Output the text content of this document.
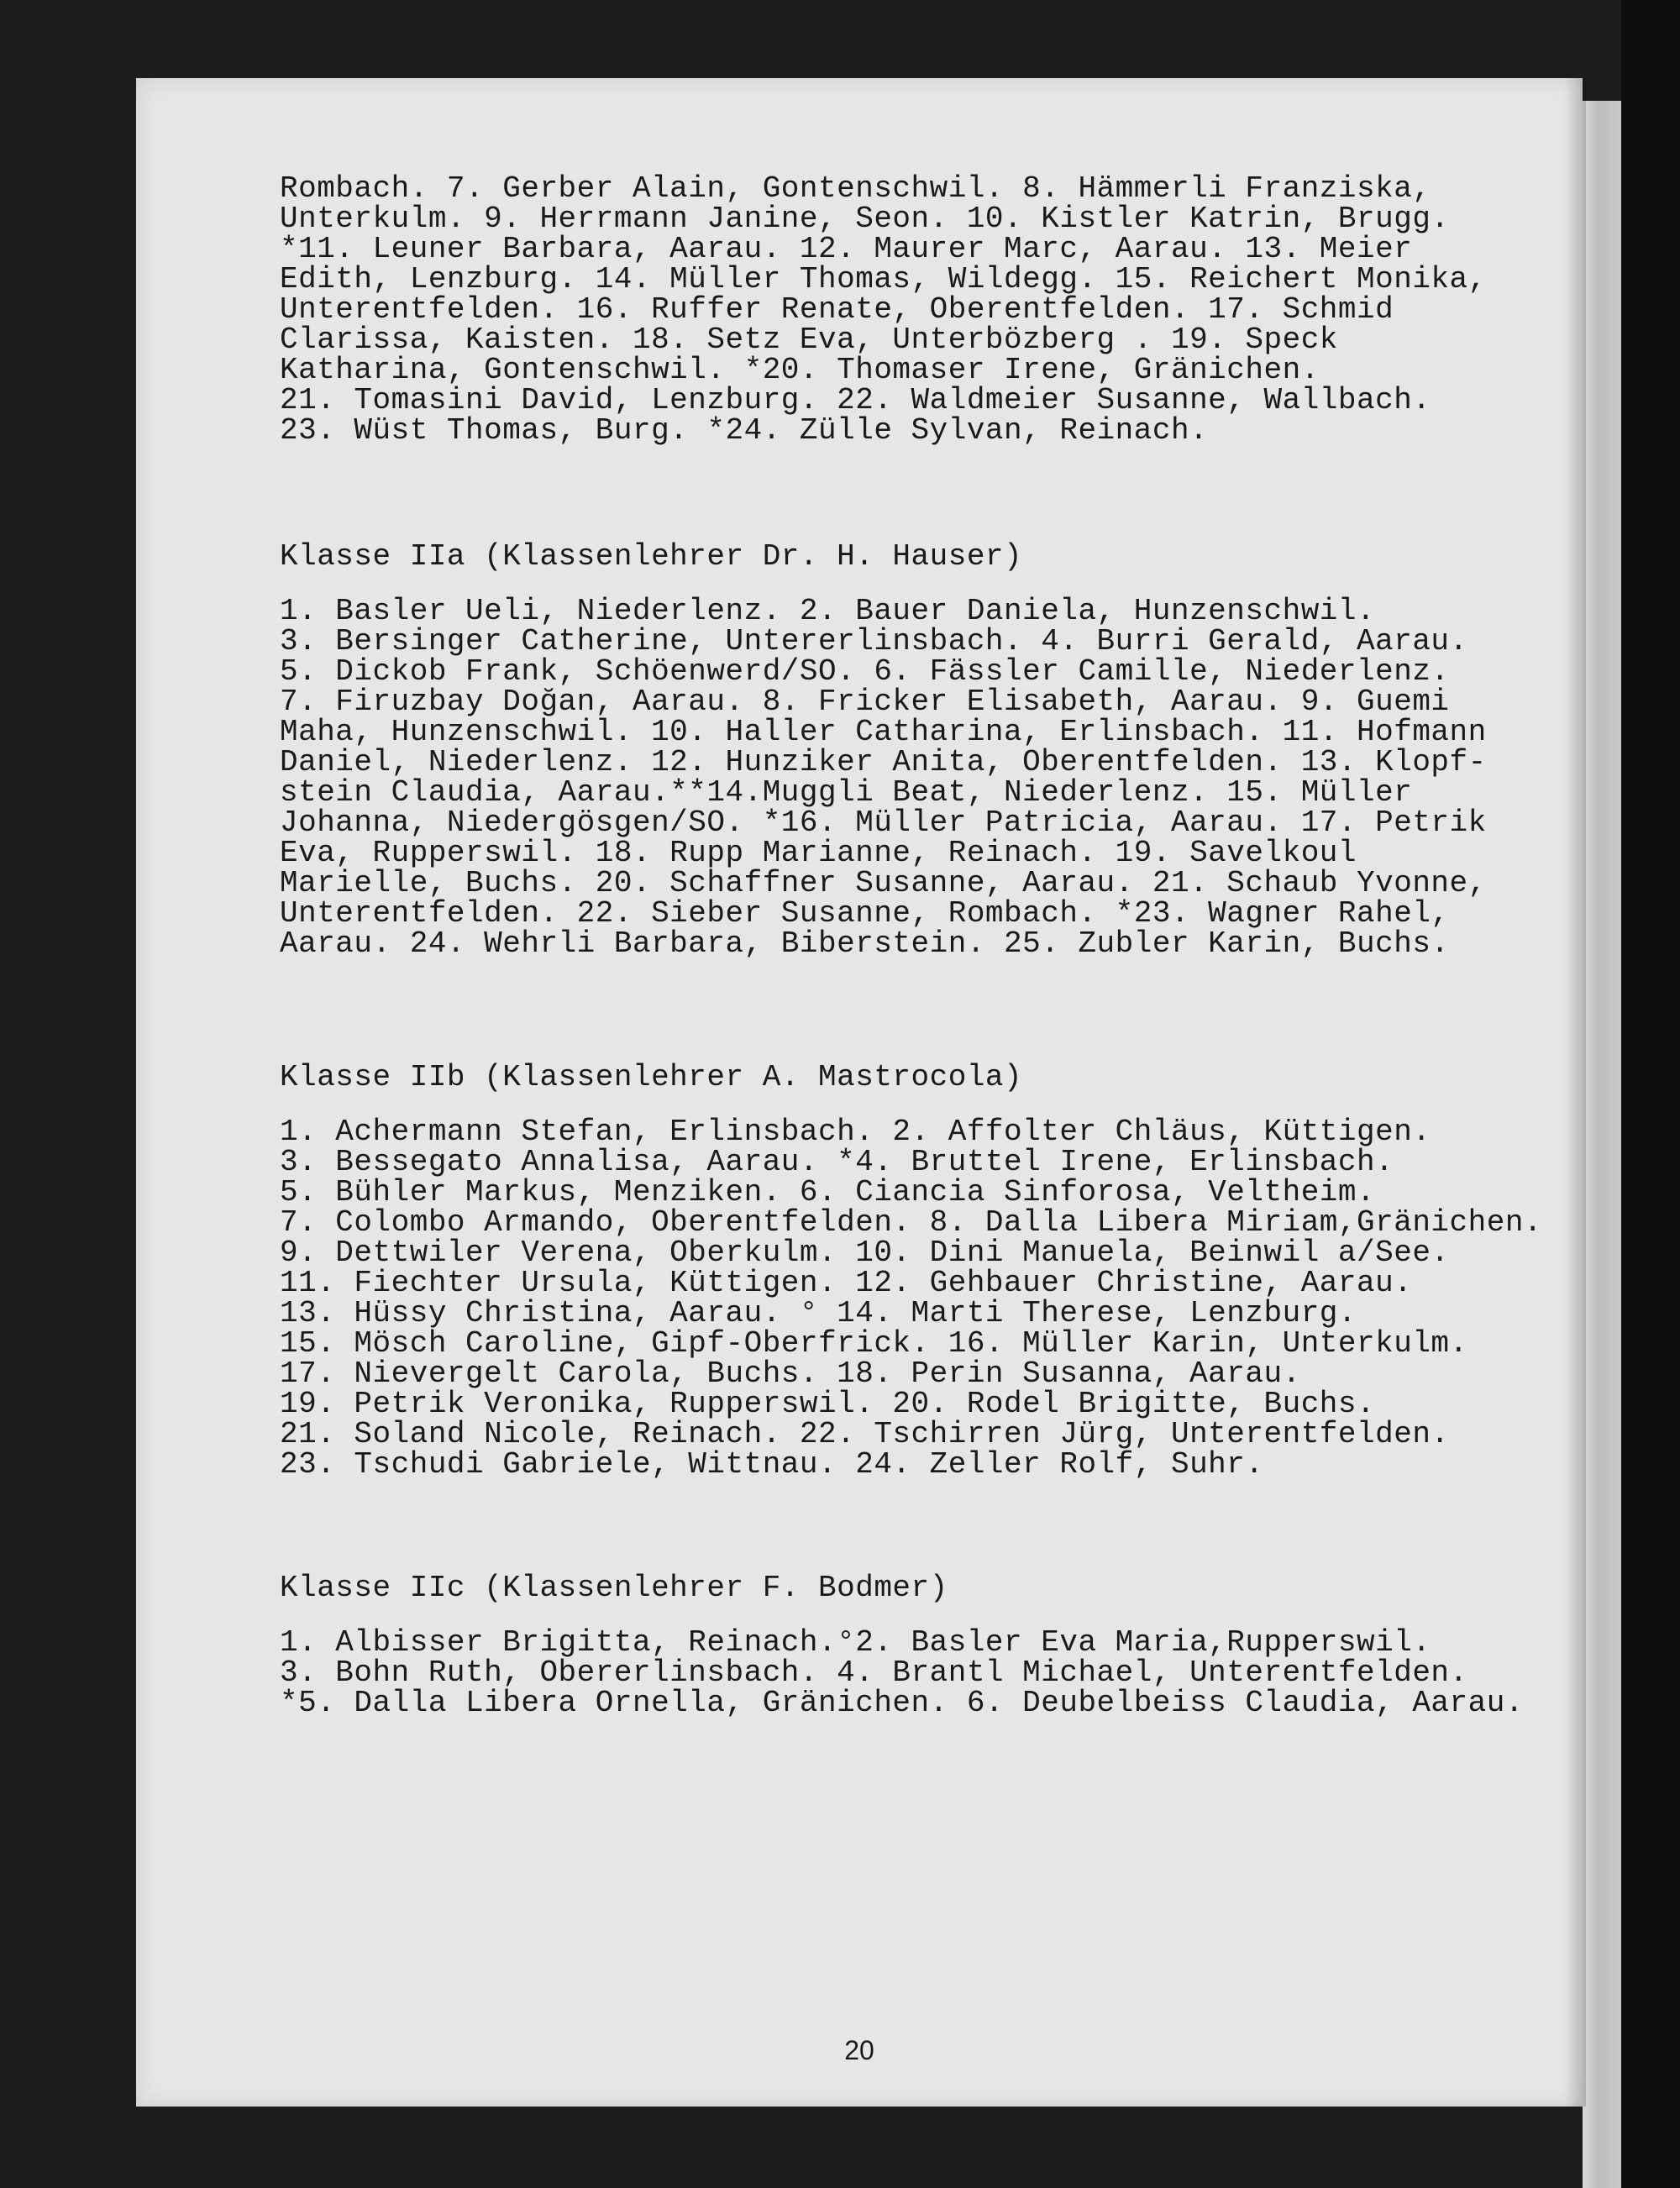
Rombach. 7. Gerber Alain, Gontenschwil. 8. Hämmerli Franziska,
Unterkulm. 9. Herrmann Janine, Seon. 10. Kistler Katrin, Brugg.
*11. Leuner Barbara, Aarau. 12. Maurer Marc, Aarau. 13. Meier
Edith, Lenzburg. 14. Müller Thomas, Wildegg. 15. Reichert Monika,
Unterentfelden. 16. Ruffer Renate, Oberentfelden. 17. Schmid
Clarissa, Kaisten. 18. Setz Eva, Unterbözberg . 19. Speck
Katharina, Gontenschwil. *20. Thomaser Irene, Gränichen.
21. Tomasini David, Lenzburg. 22. Waldmeier Susanne, Wallbach.
23. Wüst Thomas, Burg. *24. Zülle Sylvan, Reinach.
Klasse IIa (Klassenlehrer Dr. H. Hauser)
1. Basler Ueli, Niederlenz. 2. Bauer Daniela, Hunzenschwil.
3. Bersinger Catherine, Untererlinsbach. 4. Burri Gerald, Aarau.
5. Dickob Frank, Schöenwerd/SO. 6. Fässler Camille, Niederlenz.
7. Firuzbay Doğan, Aarau. 8. Fricker Elisabeth, Aarau. 9. Guemi
Maha, Hunzenschwil. 10. Haller Catharina, Erlinsbach. 11. Hofmann
Daniel, Niederlenz. 12. Hunziker Anita, Oberentfelden. 13. Klopf-
stein Claudia, Aarau.**14.Muggli Beat, Niederlenz. 15. Müller
Johanna, Niedergösgen/SO. *16. Müller Patricia, Aarau. 17. Petrik
Eva, Rupperswil. 18. Rupp Marianne, Reinach. 19. Savelkoul
Marielle, Buchs. 20. Schaffner Susanne, Aarau. 21. Schaub Yvonne,
Unterentfelden. 22. Sieber Susanne, Rombach. *23. Wagner Rahel,
Aarau. 24. Wehrli Barbara, Biberstein. 25. Zubler Karin, Buchs.
Klasse IIb (Klassenlehrer A. Mastrocola)
1. Achermann Stefan, Erlinsbach. 2. Affolter Chläus, Küttigen.
3. Bessegato Annalisa, Aarau. *4. Bruttel Irene, Erlinsbach.
5. Bühler Markus, Menziken. 6. Ciancia Sinforosa, Veltheim.
7. Colombo Armando, Oberentfelden. 8. Dalla Libera Miriam,Gränichen.
9. Dettwiler Verena, Oberkulm. 10. Dini Manuela, Beinwil a/See.
11. Fiechter Ursula, Küttigen. 12. Gehbauer Christine, Aarau.
13. Hüssy Christina, Aarau. ° 14. Marti Therese, Lenzburg.
15. Mösch Caroline, Gipf-Oberfrick. 16. Müller Karin, Unterkulm.
17. Nievergelt Carola, Buchs. 18. Perin Susanna, Aarau.
19. Petrik Veronika, Rupperswil. 20. Rodel Brigitte, Buchs.
21. Soland Nicole, Reinach. 22. Tschirren Jürg, Unterentfelden.
23. Tschudi Gabriele, Wittnau. 24. Zeller Rolf, Suhr.
Klasse IIc (Klassenlehrer F. Bodmer)
1. Albisser Brigitta, Reinach.°2. Basler Eva Maria,Rupperswil.
3. Bohn Ruth, Obererlinsbach. 4. Brantl Michael, Unterentfelden.
*5. Dalla Libera Ornella, Gränichen. 6. Deubelbeiss Claudia, Aarau.
20
